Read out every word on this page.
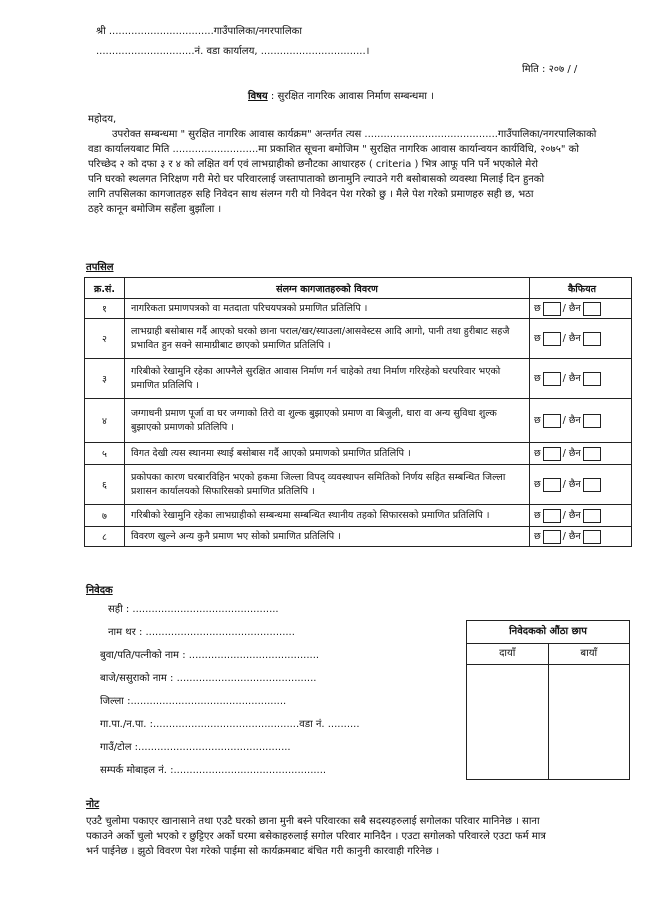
श्री .................................गाउँपालिका/नगरपालिका
...............................नं. वडा कार्यालय, .................................।
मिति : २०७ / /
विषय : सुरक्षित नागरिक आवास निर्माण सम्बन्धमा ।
महोदय,
उपरोक्त सम्बन्धमा " सुरक्षित नागरिक आवास कार्यक्रम" अन्तर्गत त्यस ..........................................गाउँपालिका/नगरपालिकाको
वडा कार्यालयबाट मिति ...........................मा प्रकाशित सूचना बमोजिम " सुरक्षित नागरिक आवास कार्यान्वयन कार्यविधि, २०७५" को
परिच्छेद २ को दफा ३ र ४ को लक्षित वर्ग एवं लाभग्राहीको छनौटका आधारहरु ( criteria ) भित्र आफू पनि पर्ने भएकोले मेरो
पनि घरको स्थलगत निरिक्षण गरी मेरो घर परिवारलाई जस्तापाताको छानामुनि ल्याउने गरी बसोबासको व्यवस्था मिलाई दिन हुनको
लागि तपसिलका कागजातहरु सहि निवेदन साथ संलग्न गरी यो निवेदन पेश गरेको छु । मैले पेश गरेको प्रमाणहरु सही छ, भ‌ठा
ठहरे कानून बमोजिम सहँला बुझाँला ।
तपसिल
क्र.सं.	संलग्न कागजातहरुको विवरण	कैफियत
१	नागरिकता प्रमाणपत्रको वा मतदाता परिचयपत्रको प्रमाणित प्रतिलिपि ।	छ / छैन
२	लाभग्राही बसोबास गर्दै आएको घरको छाना पराल/खर/स्याउला/आसवेस्टस आदि आगो, पानी तथा हुरीबाट सहजै प्रभावित हुन सक्ने सामाग्रीबाट छाएको प्रमाणित प्रतिलिपि ।	छ / छैन
३	गरिबीको रेखामुनि रहेका आफ्नैले सुरक्षित आवास निर्माण गर्न चाहेको तथा निर्माण गरिरहेको घरपरिवार भएको प्रमाणित प्रतिलिपि ।	छ / छैन
४	जग्गाधनी प्रमाण पूर्जा वा घर जग्गाको तिरो वा शुल्क बुझाएको प्रमाण वा बिजुली, धारा वा अन्य सुविधा शुल्क बुझाएको प्रमाणको प्रतिलिपि ।	छ / छैन
५	विगत देखी त्यस स्थानमा स्थाई बसोबास गर्दै आएको प्रमाणको प्रमाणित प्रतिलिपि ।	छ / छैन
६	प्रकोपका कारण घरबारविहिन भएको हकमा जिल्ला विपद् व्यवस्थापन समितिको निर्णय सहित सम्बन्धित जिल्ला प्रशासन कार्यालयको सिफारिसको प्रमाणित प्रतिलिपि ।	छ / छैन
७	गरिबीको रेखामुनि रहेका लाभग्राहीको सम्बन्धमा सम्बन्धित स्थानीय तहको सिफारसको प्रमाणित प्रतिलिपि ।	छ / छैन
८	विवरण खुल्ने अन्य कुनै प्रमाण भए सोको प्रमाणित प्रतिलिपि ।	छ / छैन
निवेदक
सही : ..............................................
नाम थर : ...............................................
बुवा/पति/पत्नीको नाम : .........................................
बाजे/ससुराको नाम : ............................................
जिल्ला :.................................................
गा.पा./न.पा. :..............................................वडा नं. ..........
गाउँ/टोल :................................................
सम्पर्क मोबाइल नं. :................................................
निवेदकको औंठा छाप
दायाँ	बायाँ
नोट
एउटै चुलोमा पकाएर खानासाने तथा एउटै घरको छाना मुनी बस्ने परिवारका सबै सदस्यहरुलाई सगोलका परिवार मानिनेछ । साना
पकाउने अर्को चुलो भएको र छुट्टिएर अर्को घरमा बसेकाहरुलाई सगोल परिवार मानिदैन । एउटा सगोलको परिवारले एउटा फर्म मात्र
भर्न पाईनेछ । झुठो विवरण पेश गरेको पाईमा सो कार्यक्रमबाट बंचित गरी कानुनी कारवाही गरिनेछ ।
